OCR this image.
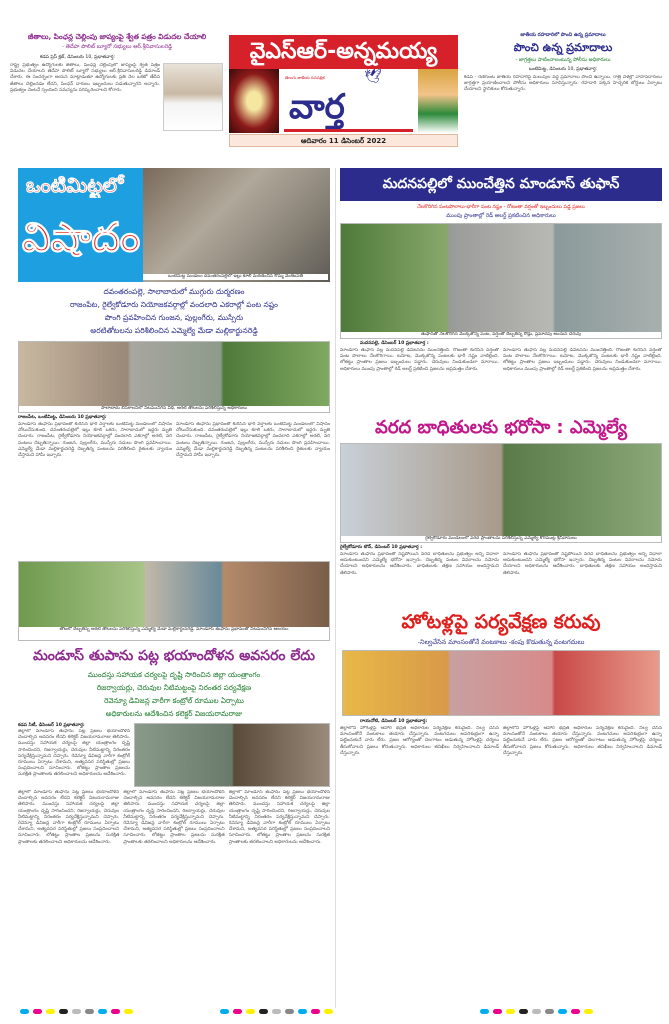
జీతాలు, పింఛన్ల చెల్లింపు జాప్యంపై శ్వేత పత్రం విడుదల చేయాలి
- తెదేపా పొలిట్ బ్యూరో సభ్యులు ఆర్.శ్రీనివాసులరెడ్డి
కడప ప్రెస్ క్లబ్, డిసెంబరు 10, ప్రభాతవార్త:
రాష్ట్ర ప్రభుత్వం ఉద్యోగులకు జీతాలు, పింఛన్ల చెల్లింపులో జాప్యంపై శ్వేత పత్రం విడుదల చేయాలని తెదేపా పొలిట్ బ్యూరో సభ్యులు ఆర్.శ్రీనివాసులరెడ్డి డిమాండ్ చేశారు. ఈ సందర్భంగా ఆయన మాట్లాడుతూ ఉద్యోగులకు ప్రతి నెల ఒకటో తేదీన జీతాలు చెల్లించడం లేదని, పింఛన్ దారులు ఇబ్బందులు పడుతున్నారని అన్నారు. ప్రభుత్వం వెంటనే స్పందించి సమస్యను పరిష్కరించాలని కోరారు.
వైఎస్ఆర్-అన్నమయ్య
🕊
తెలుగు జాతీయ దినపత్రిక
వార్త
ఆదివారం 11 డిసెంబర్ 2022
జాతీయ రహదారిలో పొంచి ఉన్న ప్రమాదాలు
పొంచి ఉన్న ప్రమాదాలు
- జాగ్రత్తలు పాటించాలంటున్న పోలీసు అధికారులు
ఒంటిమిట్ట, డిసెంబరు 10, ప్రభాతవార్త:
కడప - రేణిగుంట జాతీయ రహదారిపై మలుపుల వద్ద ప్రమాదాలు పొంచి ఉన్నాయి. రాత్రి వేళల్లో వాహనదారులు జాగ్రత్తగా ప్రయాణించాలని పోలీసు అధికారులు సూచిస్తున్నారు. రహదారి పక్కన హెచ్చరిక బోర్డులు ఏర్పాటు చేయాలని స్థానికులు కోరుతున్నారు.
ఒంటిమిట్టలో
విషాదం
ఒంటిమిట్ట మండలం దవంతరంపల్లెలో ఇల్లు కూలి మరణించిన కొమ్మ వెంకటపతి
దవంతరంపల్లె, సాలాబాదులో ముగ్గురు దుర్మరణం
రాజంపేట, రైల్వేకోడూరు నియోజకవర్గాల్లో వందలాది ఎకరాల్లో పంట నష్టం
పొంగి ప్రవహించిన గుంజన, పుల్లంగేరు, ముస్సేరు
అరటితోటలను పరిశీలించిన ఎమ్మెల్యే మేడా మల్లికార్జునరెడ్డి
సాలాబాదు బీసీకాలనీలో నీటమునిగిన వీధి, అరటి తోటలను పరిశీలిస్తున్న అధికారులు
రాజంపేట, ఒంటిమిట్ట, డిసెంబరు 10 ప్రభాతవార్త:
మాండూస్ తుఫాను ప్రభావంతో కురిసిన భారీ వర్షాలకు ఒంటిమిట్ట మండలంలో విషాదం చోటుచేసుకుంది. దవంతరంపల్లెలో ఇల్లు కూలి ఒకరు, సాలాబాదులో ఇద్దరు మృతి చెందారు. రాజంపేట, రైల్వేకోడూరు నియోజకవర్గాల్లో వందలాది ఎకరాల్లో అరటి, వరి పంటలు దెబ్బతిన్నాయి. గుంజన, పుల్లంగేరు, ముస్సేరు నదులు పొంగి ప్రవహించాయి. ఎమ్మెల్యే మేడా మల్లికార్జునరెడ్డి దెబ్బతిన్న పంటలను పరిశీలించి రైతులకు న్యాయం చేస్తామని హామీ ఇచ్చారు.
మాండూస్ తుఫాను ప్రభావంతో కురిసిన భారీ వర్షాలకు ఒంటిమిట్ట మండలంలో విషాదం చోటుచేసుకుంది. దవంతరంపల్లెలో ఇల్లు కూలి ఒకరు, సాలాబాదులో ఇద్దరు మృతి చెందారు. రాజంపేట, రైల్వేకోడూరు నియోజకవర్గాల్లో వందలాది ఎకరాల్లో అరటి, వరి పంటలు దెబ్బతిన్నాయి. గుంజన, పుల్లంగేరు, ముస్సేరు నదులు పొంగి ప్రవహించాయి. ఎమ్మెల్యే మేడా మల్లికార్జునరెడ్డి దెబ్బతిన్న పంటలను పరిశీలించి రైతులకు న్యాయం చేస్తామని హామీ ఇచ్చారు.
తోటలో దెబ్బతిన్న అరటి తోటలను పరిశీలిస్తున్న ఎమ్మెల్యే మేడా మల్లికార్జునరెడ్డి, మాండూస్ తుఫాను ప్రభావంతో నీటమునిగిన ఆలయం
మండూస్ తుపాను పట్ల భయాందోళన అవసరం లేదు
ముందస్తు సహాయక చర్యలపై దృష్టి సారించిన జిల్లా యంత్రాంగం
రిజర్వాయర్లు, చెరువుల నీటిమట్టంపై నిరంతర పర్యవేక్షణ
రెవెన్యూ డివిజన్ల వారీగా కంట్రోల్ రూముల ఏర్పాటు
అధికారులను ఆదేశించిన కలెక్టర్ విజయరామరాజు
కడప సిటీ, డిసెంబర్ 10 ప్రభాతవార్త:
జిల్లాలో మాండూస్ తుఫాను పట్ల ప్రజలు భయాందోళన చెందాల్సిన అవసరం లేదని కలెక్టర్ విజయరామరాజు తెలిపారు. ముందస్తు సహాయక చర్యలపై జిల్లా యంత్రాంగం దృష్టి సారించిందని, రిజర్వాయర్లు, చెరువుల నీటిమట్టాన్ని నిరంతరం పర్యవేక్షిస్తున్నామని చెప్పారు. రెవెన్యూ డివిజన్ల వారీగా కంట్రోల్ రూములు ఏర్పాటు చేశామని, అత్యవసర పరిస్థితుల్లో ప్రజలు సంప్రదించాలని సూచించారు. లోతట్టు ప్రాంతాల ప్రజలను సురక్షిత ప్రాంతాలకు తరలించాలని అధికారులను ఆదేశించారు.
జిల్లాలో మాండూస్ తుఫాను పట్ల ప్రజలు భయాందోళన చెందాల్సిన అవసరం లేదని కలెక్టర్ విజయరామరాజు తెలిపారు. ముందస్తు సహాయక చర్యలపై జిల్లా యంత్రాంగం దృష్టి సారించిందని, రిజర్వాయర్లు, చెరువుల నీటిమట్టాన్ని నిరంతరం పర్యవేక్షిస్తున్నామని చెప్పారు. రెవెన్యూ డివిజన్ల వారీగా కంట్రోల్ రూములు ఏర్పాటు చేశామని, అత్యవసర పరిస్థితుల్లో ప్రజలు సంప్రదించాలని సూచించారు. లోతట్టు ప్రాంతాల ప్రజలను సురక్షిత ప్రాంతాలకు తరలించాలని అధికారులను ఆదేశించారు.
జిల్లాలో మాండూస్ తుఫాను పట్ల ప్రజలు భయాందోళన చెందాల్సిన అవసరం లేదని కలెక్టర్ విజయరామరాజు తెలిపారు. ముందస్తు సహాయక చర్యలపై జిల్లా యంత్రాంగం దృష్టి సారించిందని, రిజర్వాయర్లు, చెరువుల నీటిమట్టాన్ని నిరంతరం పర్యవేక్షిస్తున్నామని చెప్పారు. రెవెన్యూ డివిజన్ల వారీగా కంట్రోల్ రూములు ఏర్పాటు చేశామని, అత్యవసర పరిస్థితుల్లో ప్రజలు సంప్రదించాలని సూచించారు. లోతట్టు ప్రాంతాల ప్రజలను సురక్షిత ప్రాంతాలకు తరలించాలని అధికారులను ఆదేశించారు.
జిల్లాలో మాండూస్ తుఫాను పట్ల ప్రజలు భయాందోళన చెందాల్సిన అవసరం లేదని కలెక్టర్ విజయరామరాజు తెలిపారు. ముందస్తు సహాయక చర్యలపై జిల్లా యంత్రాంగం దృష్టి సారించిందని, రిజర్వాయర్లు, చెరువుల నీటిమట్టాన్ని నిరంతరం పర్యవేక్షిస్తున్నామని చెప్పారు. రెవెన్యూ డివిజన్ల వారీగా కంట్రోల్ రూములు ఏర్పాటు చేశామని, అత్యవసర పరిస్థితుల్లో ప్రజలు సంప్రదించాలని సూచించారు. లోతట్టు ప్రాంతాల ప్రజలను సురక్షిత ప్రాంతాలకు తరలించాలని అధికారులను ఆదేశించారు.
మదనపల్లిలో ముంచేత్తిన మాండూస్ తుఫాన్
నేలకొరిగిన పంటపొలాలు-భారీగా పంట నష్టం - రోజంతా వర్షంతో ఇబ్బందులు పడ్డ ప్రజలు
ముంపు ప్రాంతాల్లో రెడ్ అలర్ట్ ప్రకటించిన అధికారులు
తుఫాన్‌తో నేలకొరిగిన మొక్కజొన్న పంట, వర్షంతో దెబ్బతిన్న రోడ్లు, ప్రమాదపు అంచున చెరువు
మదనపల్లె, డిసెంబర్ 10 ప్రభాతవార్త :
మాండూస్ తుఫాన్ వల్ల మదనపల్లి డివిజన్‌ను ముంచెత్తింది. రోజంతా కురిసిన వర్షంతో పంట పొలాలు నేలకొరిగాయి. టమోట, మొక్కజొన్న పంటలకు భారీ నష్టం వాటిల్లింది. లోతట్టు ప్రాంతాల ప్రజలు ఇబ్బందులు పడ్డారు. చెరువులు నిండుకుండలా మారాయి. అధికారులు ముంపు ప్రాంతాల్లో రెడ్ అలర్ట్ ప్రకటించి ప్రజలను అప్రమత్తం చేశారు.
మాండూస్ తుఫాన్ వల్ల మదనపల్లి డివిజన్‌ను ముంచెత్తింది. రోజంతా కురిసిన వర్షంతో పంట పొలాలు నేలకొరిగాయి. టమోట, మొక్కజొన్న పంటలకు భారీ నష్టం వాటిల్లింది. లోతట్టు ప్రాంతాల ప్రజలు ఇబ్బందులు పడ్డారు. చెరువులు నిండుకుండలా మారాయి. అధికారులు ముంపు ప్రాంతాల్లో రెడ్ అలర్ట్ ప్రకటించి ప్రజలను అప్రమత్తం చేశారు.
వరద బాధితులకు భరోసా : ఎమ్మెల్యే
రైల్వేకోడూరు మండలంలో వరద ప్రాంతాలను పరిశీలిస్తున్న ఎమ్మెల్యే కొరముట్ల శ్రీనివాసులు
రైల్వేకోడూరు టౌన్, డిసెంబర్ 10 ప్రభాతవార్త :
మాండూస్ తుఫాను ప్రభావంతో నష్టపోయిన వరద బాధితులను ప్రభుత్వం అన్ని విధాలా ఆదుకుంటుందని ఎమ్మెల్యే భరోసా ఇచ్చారు. దెబ్బతిన్న పంటల వివరాలను నమోదు చేయాలని అధికారులను ఆదేశించారు. బాధితులకు తక్షణ సహాయం అందిస్తామని తెలిపారు.
మాండూస్ తుఫాను ప్రభావంతో నష్టపోయిన వరద బాధితులను ప్రభుత్వం అన్ని విధాలా ఆదుకుంటుందని ఎమ్మెల్యే భరోసా ఇచ్చారు. దెబ్బతిన్న పంటల వివరాలను నమోదు చేయాలని అధికారులను ఆదేశించారు. బాధితులకు తక్షణ సహాయం అందిస్తామని తెలిపారు.
హోటళ్లపై పర్యవేక్షణ కరువు
-నిల్వచేసిన మాంసంతోనే వంటకాలు -కంపు కొడుతున్న వంటగదులు
రాయచోటి, డిసెంబర్ 10 ప్రభాతవార్త:
జిల్లాలోని హోటళ్లపై ఆహార భద్రత అధికారుల పర్యవేక్షణ కరువైంది. నిల్వ చేసిన మాంసంతోనే వంటకాలు తయారు చేస్తున్నారు. వంటగదులు అపరిశుభ్రంగా ఉన్నా పట్టించుకునే వారు లేరు. ప్రజల ఆరోగ్యంతో చెలగాటం ఆడుతున్న హోటళ్లపై చర్యలు తీసుకోవాలని ప్రజలు కోరుతున్నారు. అధికారులు తనిఖీలు నిర్వహించాలని డిమాండ్ చేస్తున్నారు.
జిల్లాలోని హోటళ్లపై ఆహార భద్రత అధికారుల పర్యవేక్షణ కరువైంది. నిల్వ చేసిన మాంసంతోనే వంటకాలు తయారు చేస్తున్నారు. వంటగదులు అపరిశుభ్రంగా ఉన్నా పట్టించుకునే వారు లేరు. ప్రజల ఆరోగ్యంతో చెలగాటం ఆడుతున్న హోటళ్లపై చర్యలు తీసుకోవాలని ప్రజలు కోరుతున్నారు. అధికారులు తనిఖీలు నిర్వహించాలని డిమాండ్ చేస్తున్నారు.
